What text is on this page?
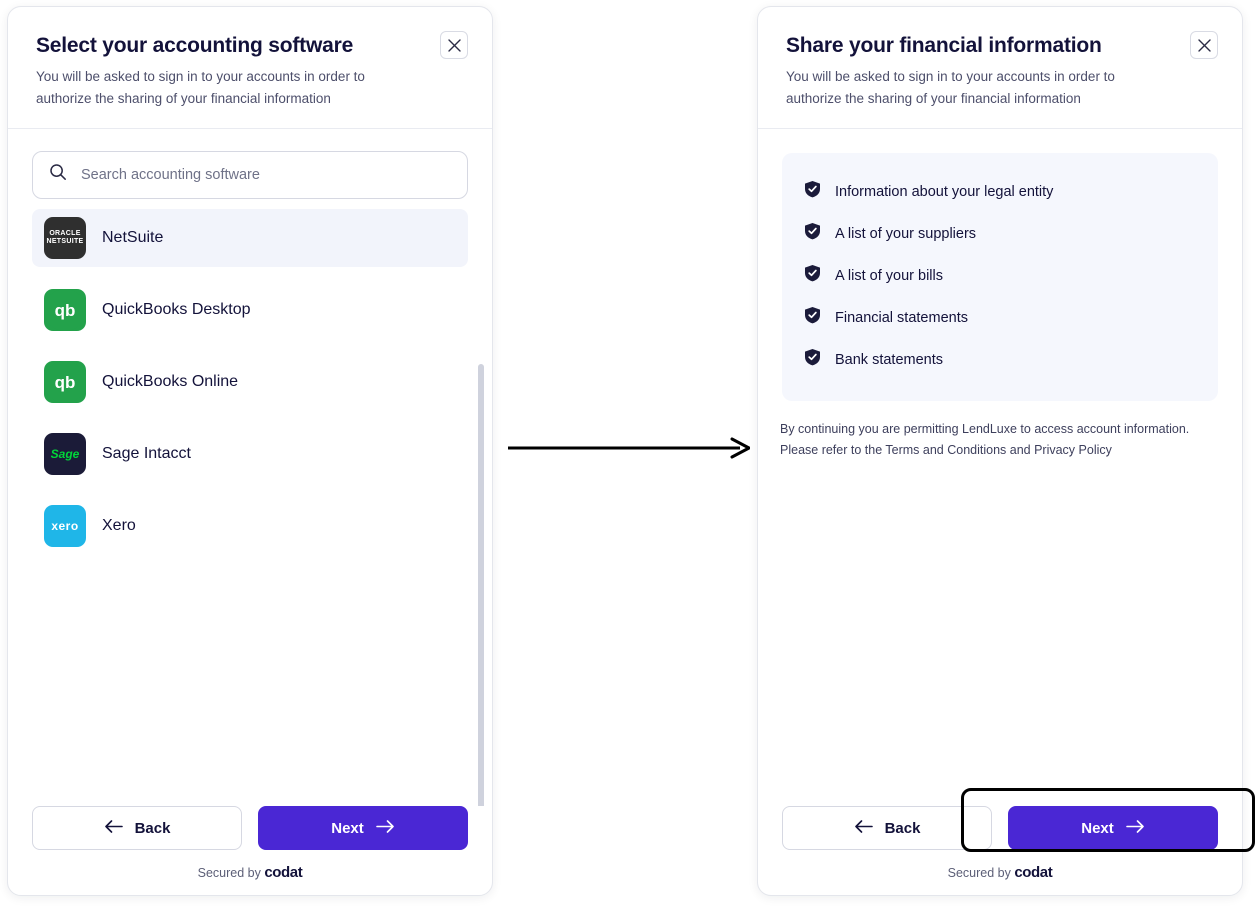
Select your accounting software

You will be asked to sign in to your accounts in order to authorize the sharing of your financial information

Search accounting software
ORACLE
NETSUITE NetSuite
qb QuickBooks Desktop
qb QuickBooks Online
Sage	Sage Intacct
xero	Xero
Back	Next
Secured by codat
Share your financial information

You will be asked to sign in to your accounts in order to authorize the sharing of your financial information

Information about your legal entity
A list of your suppliers
A list of your bills
Financial statements
Bank statements

By continuing you are permitting LendLuxe to access account information. Please refer to the Terms and Conditions and Privacy Policy

Back	Next
Secured by codat
